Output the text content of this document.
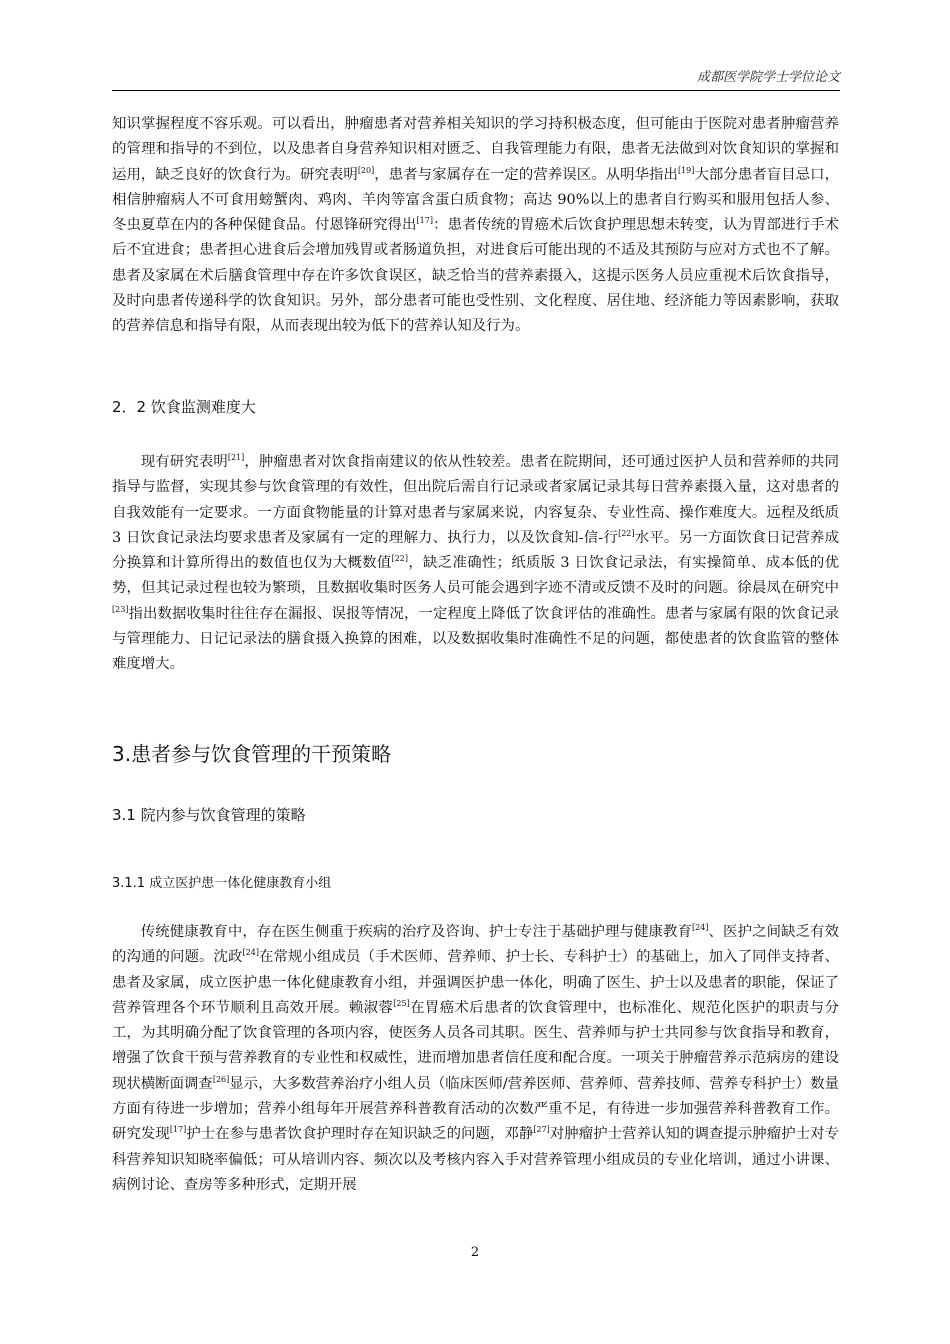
成都医学院学士学位论文

知识掌握程度不容乐观。可以看出，肿瘤患者对营养相关知识的学习持积极态度，但可能由于医院对患者肿瘤营养的管理和指导的不到位，以及患者自身营养知识相对匮乏、自我管理能力有限，患者无法做到对饮食知识的掌握和运用，缺乏良好的饮食行为。研究表明[20]，患者与家属存在一定的营养误区。从明华指出[19]大部分患者盲目忌口，相信肿瘤病人不可食用螃蟹肉、鸡肉、羊肉等富含蛋白质食物；高达 90%以上的患者自行购买和服用包括人参、冬虫夏草在内的各种保健食品。付恩锋研究得出[17]：患者传统的胃癌术后饮食护理思想未转变，认为胃部进行手术后不宜进食；患者担心进食后会增加残胃或者肠道负担，对进食后可能出现的不适及其预防与应对方式也不了解。患者及家属在术后膳食管理中存在许多饮食误区，缺乏恰当的营养素摄入，这提示医务人员应重视术后饮食指导，及时向患者传递科学的饮食知识。另外，部分患者可能也受性别、文化程度、居住地、经济能力等因素影响，获取的营养信息和指导有限，从而表现出较为低下的营养认知及行为。

2．2 饮食监测难度大

现有研究表明[21]，肿瘤患者对饮食指南建议的依从性较差。患者在院期间，还可通过医护人员和营养师的共同指导与监督，实现其参与饮食管理的有效性，但出院后需自行记录或者家属记录其每日营养素摄入量，这对患者的自我效能有一定要求。一方面食物能量的计算对患者与家属来说，内容复杂、专业性高、操作难度大。远程及纸质 3 日饮食记录法均要求患者及家属有一定的理解力、执行力，以及饮食知-信-行[22]水平。另一方面饮食日记营养成分换算和计算所得出的数值也仅为大概数值[22]，缺乏准确性；纸质版 3 日饮食记录法，有实操简单、成本低的优势，但其记录过程也较为繁琐，且数据收集时医务人员可能会遇到字迹不清或反馈不及时的问题。徐晨凤在研究中[23]指出数据收集时往往存在漏报、误报等情况，一定程度上降低了饮食评估的准确性。患者与家属有限的饮食记录与管理能力、日记记录法的膳食摄入换算的困难，以及数据收集时准确性不足的问题，都使患者的饮食监管的整体难度增大。

3.患者参与饮食管理的干预策略

3.1 院内参与饮食管理的策略

3.1.1 成立医护患一体化健康教育小组

传统健康教育中，存在医生侧重于疾病的治疗及咨询、护士专注于基础护理与健康教育[24]、医护之间缺乏有效的沟通的问题。沈政[24]在常规小组成员（手术医师、营养师、护士长、专科护士）的基础上，加入了同伴支持者、患者及家属，成立医护患一体化健康教育小组，并强调医护患一体化，明确了医生、护士以及患者的职能，保证了营养管理各个环节顺利且高效开展。赖淑蓉[25]在胃癌术后患者的饮食管理中，也标准化、规范化医护的职责与分工，为其明确分配了饮食管理的各项内容，使医务人员各司其职。医生、营养师与护士共同参与饮食指导和教育，增强了饮食干预与营养教育的专业性和权威性，进而增加患者信任度和配合度。一项关于肿瘤营养示范病房的建设现状横断面调查[26]显示，大多数营养治疗小组人员（临床医师/营养医师、营养师、营养技师、营养专科护士）数量方面有待进一步增加；营养小组每年开展营养科普教育活动的次数严重不足，有待进一步加强营养科普教育工作。研究发现[17]护士在参与患者饮食护理时存在知识缺乏的问题，邓静[27]对肿瘤护士营养认知的调查提示肿瘤护士对专科营养知识知晓率偏低；可从培训内容、频次以及考核内容入手对营养管理小组成员的专业化培训，通过小讲课、病例讨论、查房等多种形式，定期开展

2
